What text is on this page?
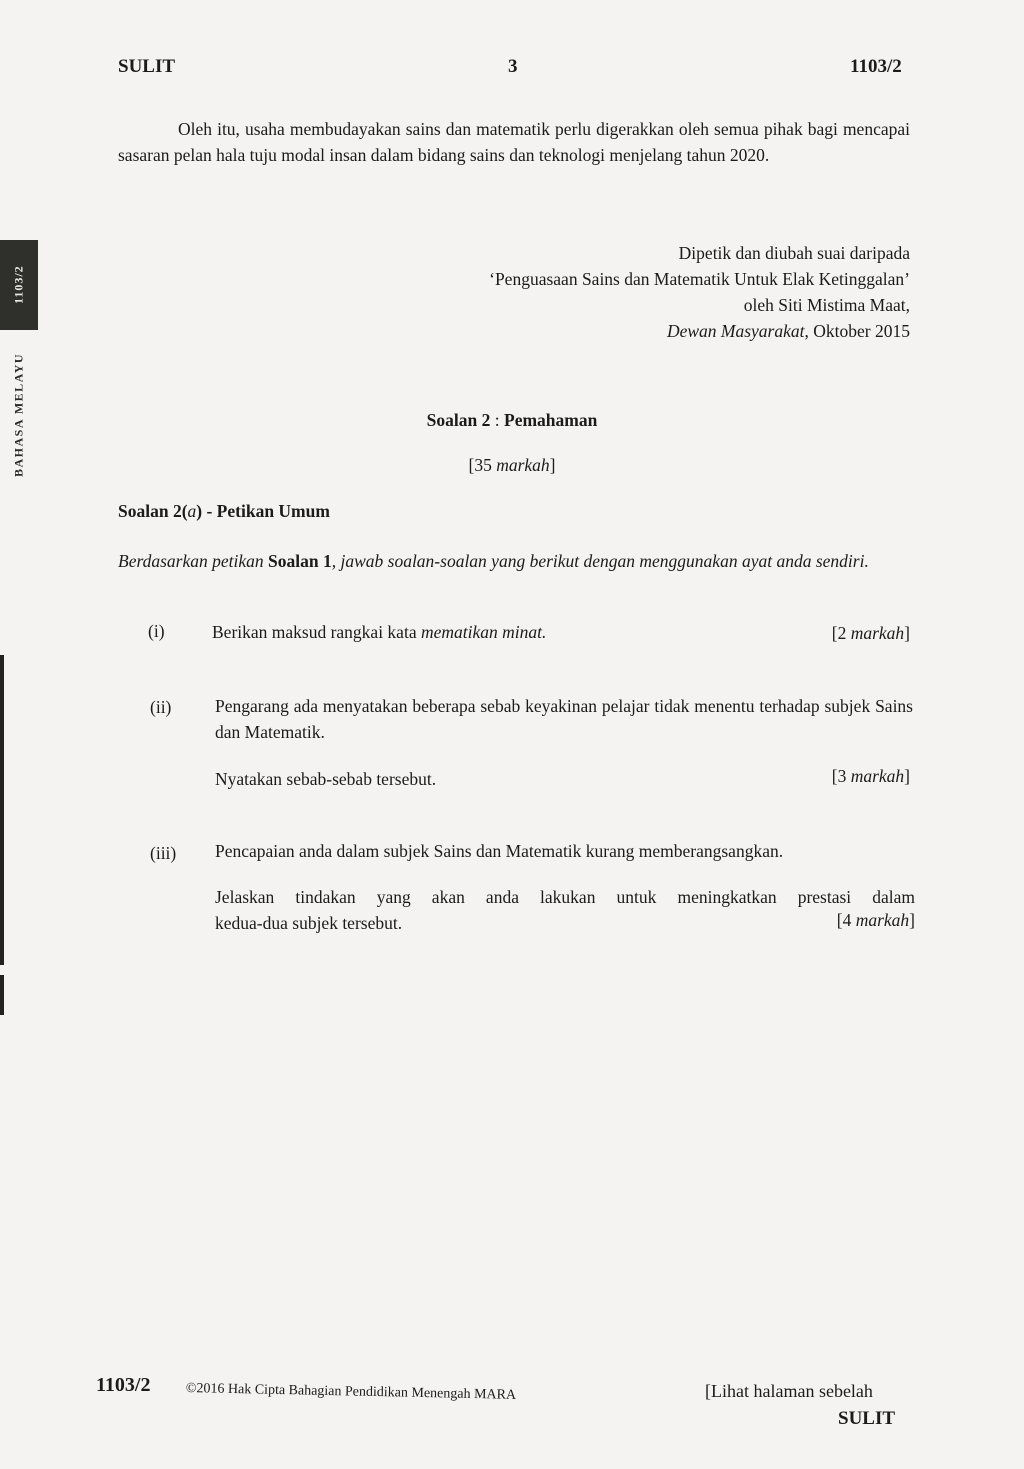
SULIT	3	1103/2
1103/2
BAHASA MELAYU
Oleh itu, usaha membudayakan sains dan matematik perlu digerakkan oleh semua pihak bagi mencapai sasaran pelan hala tuju modal insan dalam bidang sains dan teknologi menjelang tahun 2020.
Dipetik dan diubah suai daripada
‘Penguasaan Sains dan Matematik Untuk Elak Ketinggalan’
oleh Siti Mistima Maat,
Dewan Masyarakat, Oktober 2015
Soalan 2 : Pemahaman
[35 markah]
Soalan 2(a) - Petikan Umum
Berdasarkan petikan Soalan 1, jawab soalan-soalan yang berikut dengan menggunakan ayat anda sendiri.
(i)	Berikan maksud rangkai kata mematikan minat.	[2 markah]
(ii) Pengarang ada menyatakan beberapa sebab keyakinan pelajar tidak menentu terhadap subjek Sains dan Matematik.
Nyatakan sebab-sebab tersebut.	[3 markah]
(iii) Pencapaian anda dalam subjek Sains dan Matematik kurang memberangsangkan.
Jelaskan tindakan yang akan anda lakukan untuk meningkatkan prestasi dalam
kedua-dua subjek tersebut.	[4 markah]
1103/2	©2016 Hak Cipta Bahagian Pendidikan Menengah MARA	[Lihat halaman sebelah
SULIT
